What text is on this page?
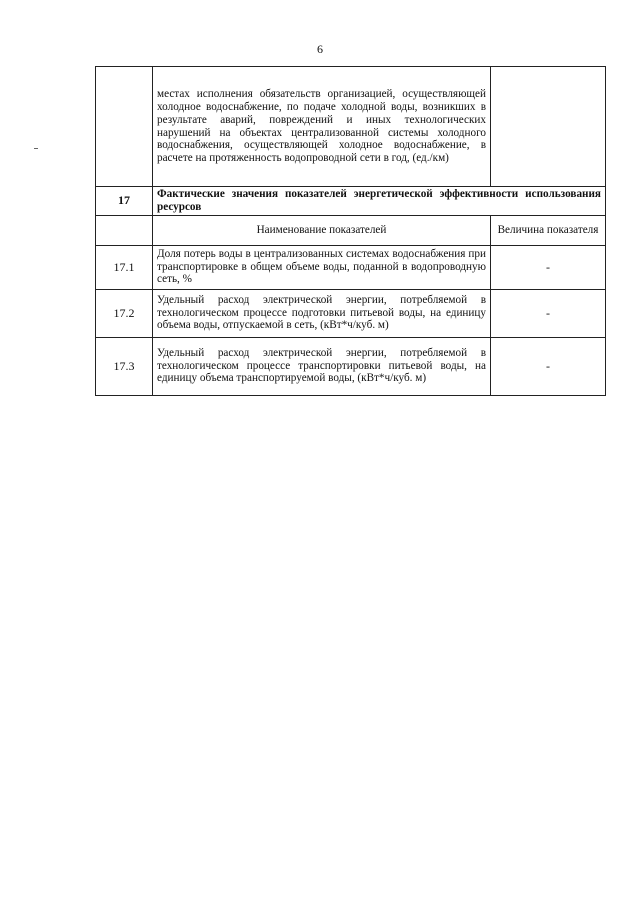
6
	местах исполнения обязательств организацией, осуществляющей холодное водоснабжение, по подаче холодной воды, возникших в результате аварий, повреждений и иных технологических нарушений на объектах централизованной системы холодного водоснабжения, осуществляющей холодное водоснабжение, в расчете на протяженность водопроводной сети в год, (ед./км)	
17	Фактические значения показателей энергетической эффективности использования ресурсов	
	Наименование показателей	Величина показателя
17.1	Доля потерь воды в централизованных системах водоснабжения при транспортировке в общем объеме воды, поданной в водопроводную сеть, %	-
17.2	Удельный расход электрической энергии, потребляемой в технологическом процессе подготовки питьевой воды, на единицу объема воды, отпускаемой в сеть, (кВт*ч/куб. м)	-
17.3	Удельный расход электрической энергии, потребляемой в технологическом процессе транспортировки питьевой воды, на единицу объема транспортируемой воды, (кВт*ч/куб. м)	-
